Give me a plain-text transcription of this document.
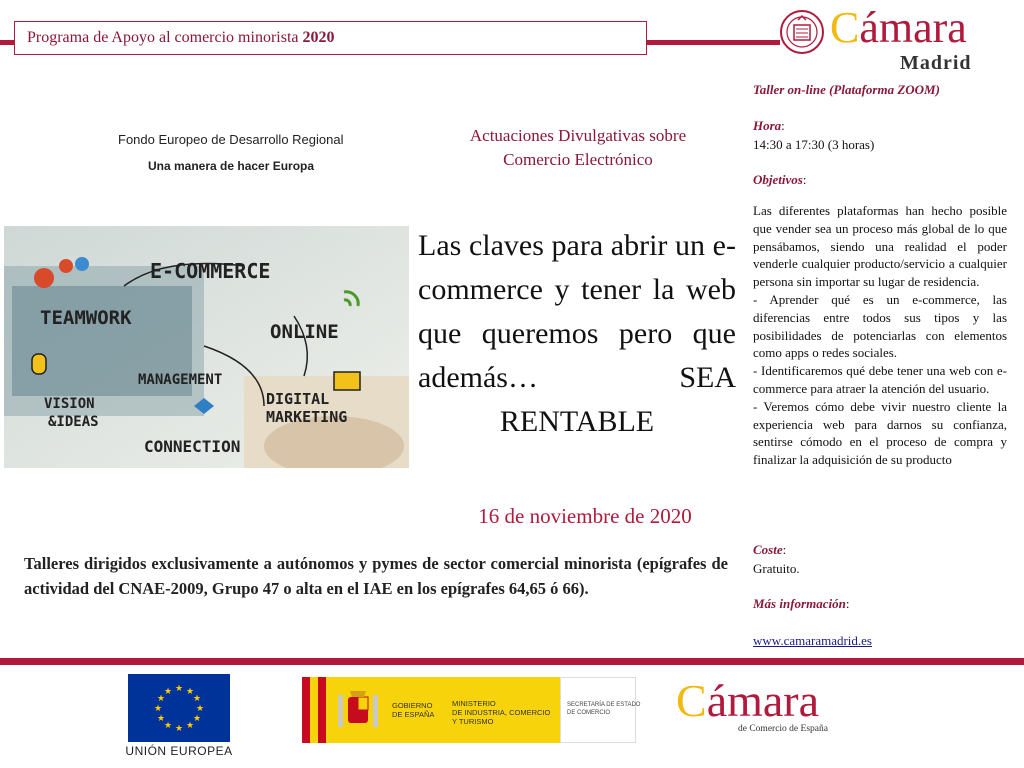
Programa de Apoyo al comercio minorista 2020	Cámara
Madrid
Fondo Europeo de Desarrollo Regional
Una manera de hacer Europa
Actuaciones Divulgativas sobre
Comercio Electrónico
E-COMMERCE
TEAMWORK
ONLINE
MANAGEMENT
VISION
&IDEAS
DIGITAL
MARKETING
CONNECTION
Las claves para abrir un e-commerce y tener la web que queremos pero que además… SEA RENTABLE
16 de noviembre de 2020
Talleres dirigidos exclusivamente a autónomos y pymes de sector comercial minorista (epígrafes de actividad del CNAE-2009, Grupo 47 o alta en el IAE en los epígrafes 64,65 ó 66).
Taller on-line (Plataforma ZOOM)
Hora:
14:30 a 17:30 (3 horas)
Objetivos:
Las diferentes plataformas han hecho posible que vender sea un proceso más global de lo que pensábamos, siendo una realidad el poder venderle cualquier producto/servicio a cualquier persona sin importar su lugar de residencia.
- Aprender qué es un e-commerce, las diferencias entre todos sus tipos y las posibilidades de potenciarlas con elementos como apps o redes sociales.
- Identificaremos qué debe tener una web con e-commerce para atraer la atención del usuario.
- Veremos cómo debe vivir nuestro cliente la experiencia web para darnos su confianza, sentirse cómodo en el proceso de compra y finalizar la adquisición de su producto
Coste:
Gratuito.
Más información:
www.camaramadrid.es
★ ★
★
★
★
★
★
★
★
★
★
★
UNIÓN EUROPEA
GOBIERNO
DE ESPAÑA
MINISTERIO
DE INDUSTRIA, COMERCIO
Y TURISMO
SECRETARÍA DE ESTADO
DE COMERCIO	Cámara
de Comercio de España
